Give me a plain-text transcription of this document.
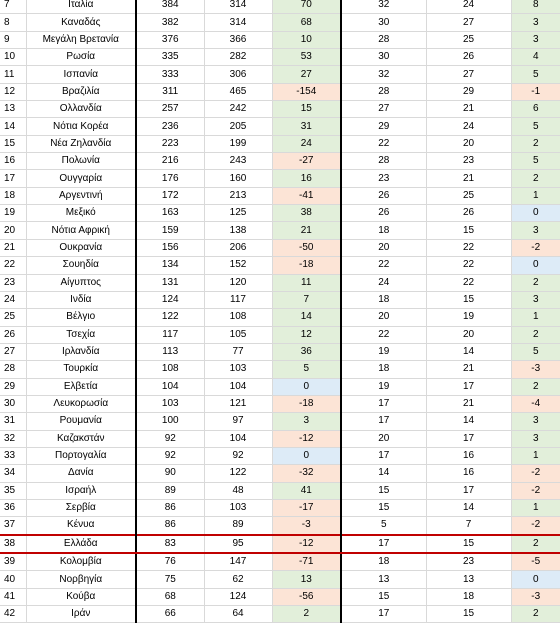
7	Ιταλία	384	314	70	32	24	8
8	Καναδάς	382	314	68	30	27	3
9	Μεγάλη Βρετανία	376	366	10	28	25	3
10	Ρωσία	335	282	53	30	26	4
11	Ισπανία	333	306	27	32	27	5
12	Βραζιλία	311	465	-154	28	29	-1
13	Ολλανδία	257	242	15	27	21	6
14	Νότια Κορέα	236	205	31	29	24	5
15	Νέα Ζηλανδία	223	199	24	22	20	2
16	Πολωνία	216	243	-27	28	23	5
17	Ουγγαρία	176	160	16	23	21	2
18	Αργεντινή	172	213	-41	26	25	1
19	Μεξικό	163	125	38	26	26	0
20	Νότια Αφρική	159	138	21	18	15	3
21	Ουκρανία	156	206	-50	20	22	-2
22	Σουηδία	134	152	-18	22	22	0
23	Αίγυπτος	131	120	11	24	22	2
24	Ινδία	124	117	7	18	15	3
25	Βέλγιο	122	108	14	20	19	1
26	Τσεχία	117	105	12	22	20	2
27	Ιρλανδία	113	77	36	19	14	5
28	Τουρκία	108	103	5	18	21	-3
29	Ελβετία	104	104	0	19	17	2
30	Λευκορωσία	103	121	-18	17	21	-4
31	Ρουμανία	100	97	3	17	14	3
32	Καζακστάν	92	104	-12	20	17	3
33	Πορτογαλία	92	92	0	17	16	1
34	Δανία	90	122	-32	14	16	-2
35	Ισραήλ	89	48	41	15	17	-2
36	Σερβία	86	103	-17	15	14	1
37	Κένυα	86	89	-3	5	7	-2
38	Ελλάδα	83	95	-12	17	15	2
39	Κολομβία	76	147	-71	18	23	-5
40	Νορβηγία	75	62	13	13	13	0
41	Κούβα	68	124	-56	15	18	-3
42	Ιράν	66	64	2	17	15	2
